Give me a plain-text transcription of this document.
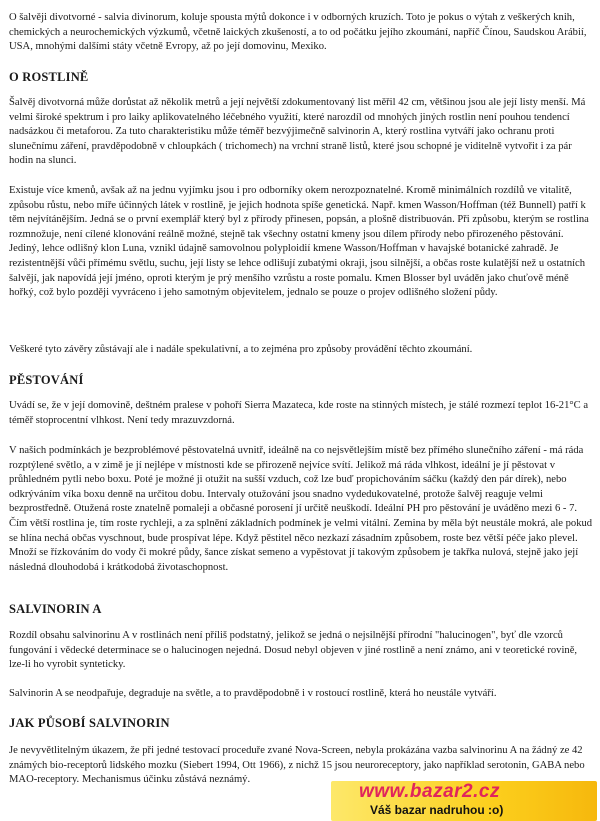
O šalvěji divotvorné - salvia divinorum, koluje spousta mýtů dokonce i v odborných kruzích. Toto je pokus o výtah z veškerých knih, chemických a neurochemických výzkumů, včetně laických zkušeností, a to od počátku jejího zkoumání, napříč Čínou, Saudskou Arábií, USA, mnohými dalšími státy včetně Evropy, až po její domovinu, Mexiko.

O ROSTLINĚ

Šalvěj divotvorná může dorůstat až několik metrů a její největší zdokumentovaný list měřil 42 cm, většinou jsou ale její listy menší. Má velmi široké spektrum i pro laiky aplikovatelného léčebného využití, které narozdíl od mnohých jiných rostlin není pouhou tendencí nadsázkou či metaforou. Za tuto charakteristiku může téměř bezvýjimečně salvinorin A, který rostlina vytváří jako ochranu proti slunečnímu záření, pravděpodobně v chloupkách ( trichomech) na vrchní straně listů, které jsou schopné je viditelně vytvořit i za pár hodin na slunci.

Existuje více kmenů, avšak až na jednu vyjímku jsou i pro odborníky okem nerozpoznatelné. Kromě minimálních rozdílů ve vitalitě, způsobu růstu, nebo míře účinných látek v rostlině, je jejich hodnota spíše genetická. Např. kmen Wasson/Hoffman (též Bunnell) patří k těm nejvítánějším. Jedná se o první exemplář který byl z přírody přinesen, popsán, a plošně distribuován. Při způsobu, kterým se rostlina rozmnožuje, není cílené klonování reálně možné, stejně tak všechny ostatní kmeny jsou dílem přírody nebo přirozeného pěstování. Jediný, lehce odlišný klon Luna, vznikl údajně samovolnou polyploidií kmene Wasson/Hoffman v havajské botanické zahradě. Je rezistentnější vůči přímému světlu, suchu, její listy se lehce odlišují zubatými okraji, jsou silnější, a občas roste kulatější než u ostatních šalvějí, jak napovídá její jméno, oproti kterým je prý menšího vzrůstu a roste pomalu. Kmen Blosser byl uváděn jako chuťově méně hořký, což bylo později vyvráceno i jeho samotným objevitelem, jednalo se pouze o projev odlišného složení půdy.

Veškeré tyto závěry zůstávají ale i nadále spekulativní, a to zejména pro způsoby provádění těchto zkoumání.

PĚSTOVÁNÍ

Uvádí se, že v její domovině, deštném pralese v pohoří Sierra Mazateca, kde roste na stinných místech, je stálé rozmezí teplot 16-21°C a téměř stoprocentní vlhkost. Není tedy mrazuvzdorná.

V našich podmínkách je bezproblémové pěstovatelná uvnitř, ideálně na co nejsvětlejším místě bez přímého slunečního záření - má ráda rozptýlené světlo, a v zimě je jí nejlépe v místnosti kde se přirozeně nejvíce svítí. Jelikož má ráda vlhkost, ideální je jí pěstovat v průhledném pytli nebo boxu. Poté je možné ji otužit na sušší vzduch, což lze buď propichováním sáčku (každý den pár dírek), nebo odkrýváním víka boxu denně na určitou dobu. Intervaly otužování jsou snadno vydedukovatelné, protože šalvěj reaguje velmi bezprostředně. Otužená roste znatelně pomaleji a občasné porosení jí určitě neuškodí. Ideální PH pro pěstování je uváděno mezi 6 - 7. Čím větší rostlina je, tím roste rychleji, a za splnění základních podmínek je velmi vitální. Zemina by měla být neustále mokrá, ale pokud se hlína nechá občas vyschnout, bude prospívat lépe. Když pěstitel něco nezkazí zásadním způsobem, roste bez větší péče jako plevel. Množí se řízkováním do vody či mokré půdy, šance získat semeno a vypěstovat jí takovým způsobem je takřka nulová, stejně jako její následná dlouhodobá i krátkodobá životaschopnost.

SALVINORIN A

Rozdíl obsahu salvinorinu A v rostlinách není příliš podstatný, jelikož se jedná o nejsilnější přírodní "halucinogen", byť dle vzorců fungování i vědecké determinace se o halucinogen nejedná. Dosud nebyl objeven v jiné rostlině a není známo, ani v teoretické rovině, lze-li ho vyrobit synteticky.

Salvinorin A se neodpařuje, degraduje na světle, a to pravděpodobně i v rostoucí rostlině, která ho neustále vytváří.

JAK PŮSOBÍ SALVINORIN

Je nevyvětlitelným úkazem, že při jedné testovací proceduře zvané Nova-Screen, nebyla prokázána vazba salvinorinu A na žádný ze 42 známých bio-receptorů lidského mozku (Siebert 1994, Ott 1966), z nichž 15 jsou neuroreceptory, jako například serotonin, GABA nebo MAO-receptory. Mechanismus účinku zůstává neznámý.

www.bazar2.cz
Váš bazar nadruhou :o)
